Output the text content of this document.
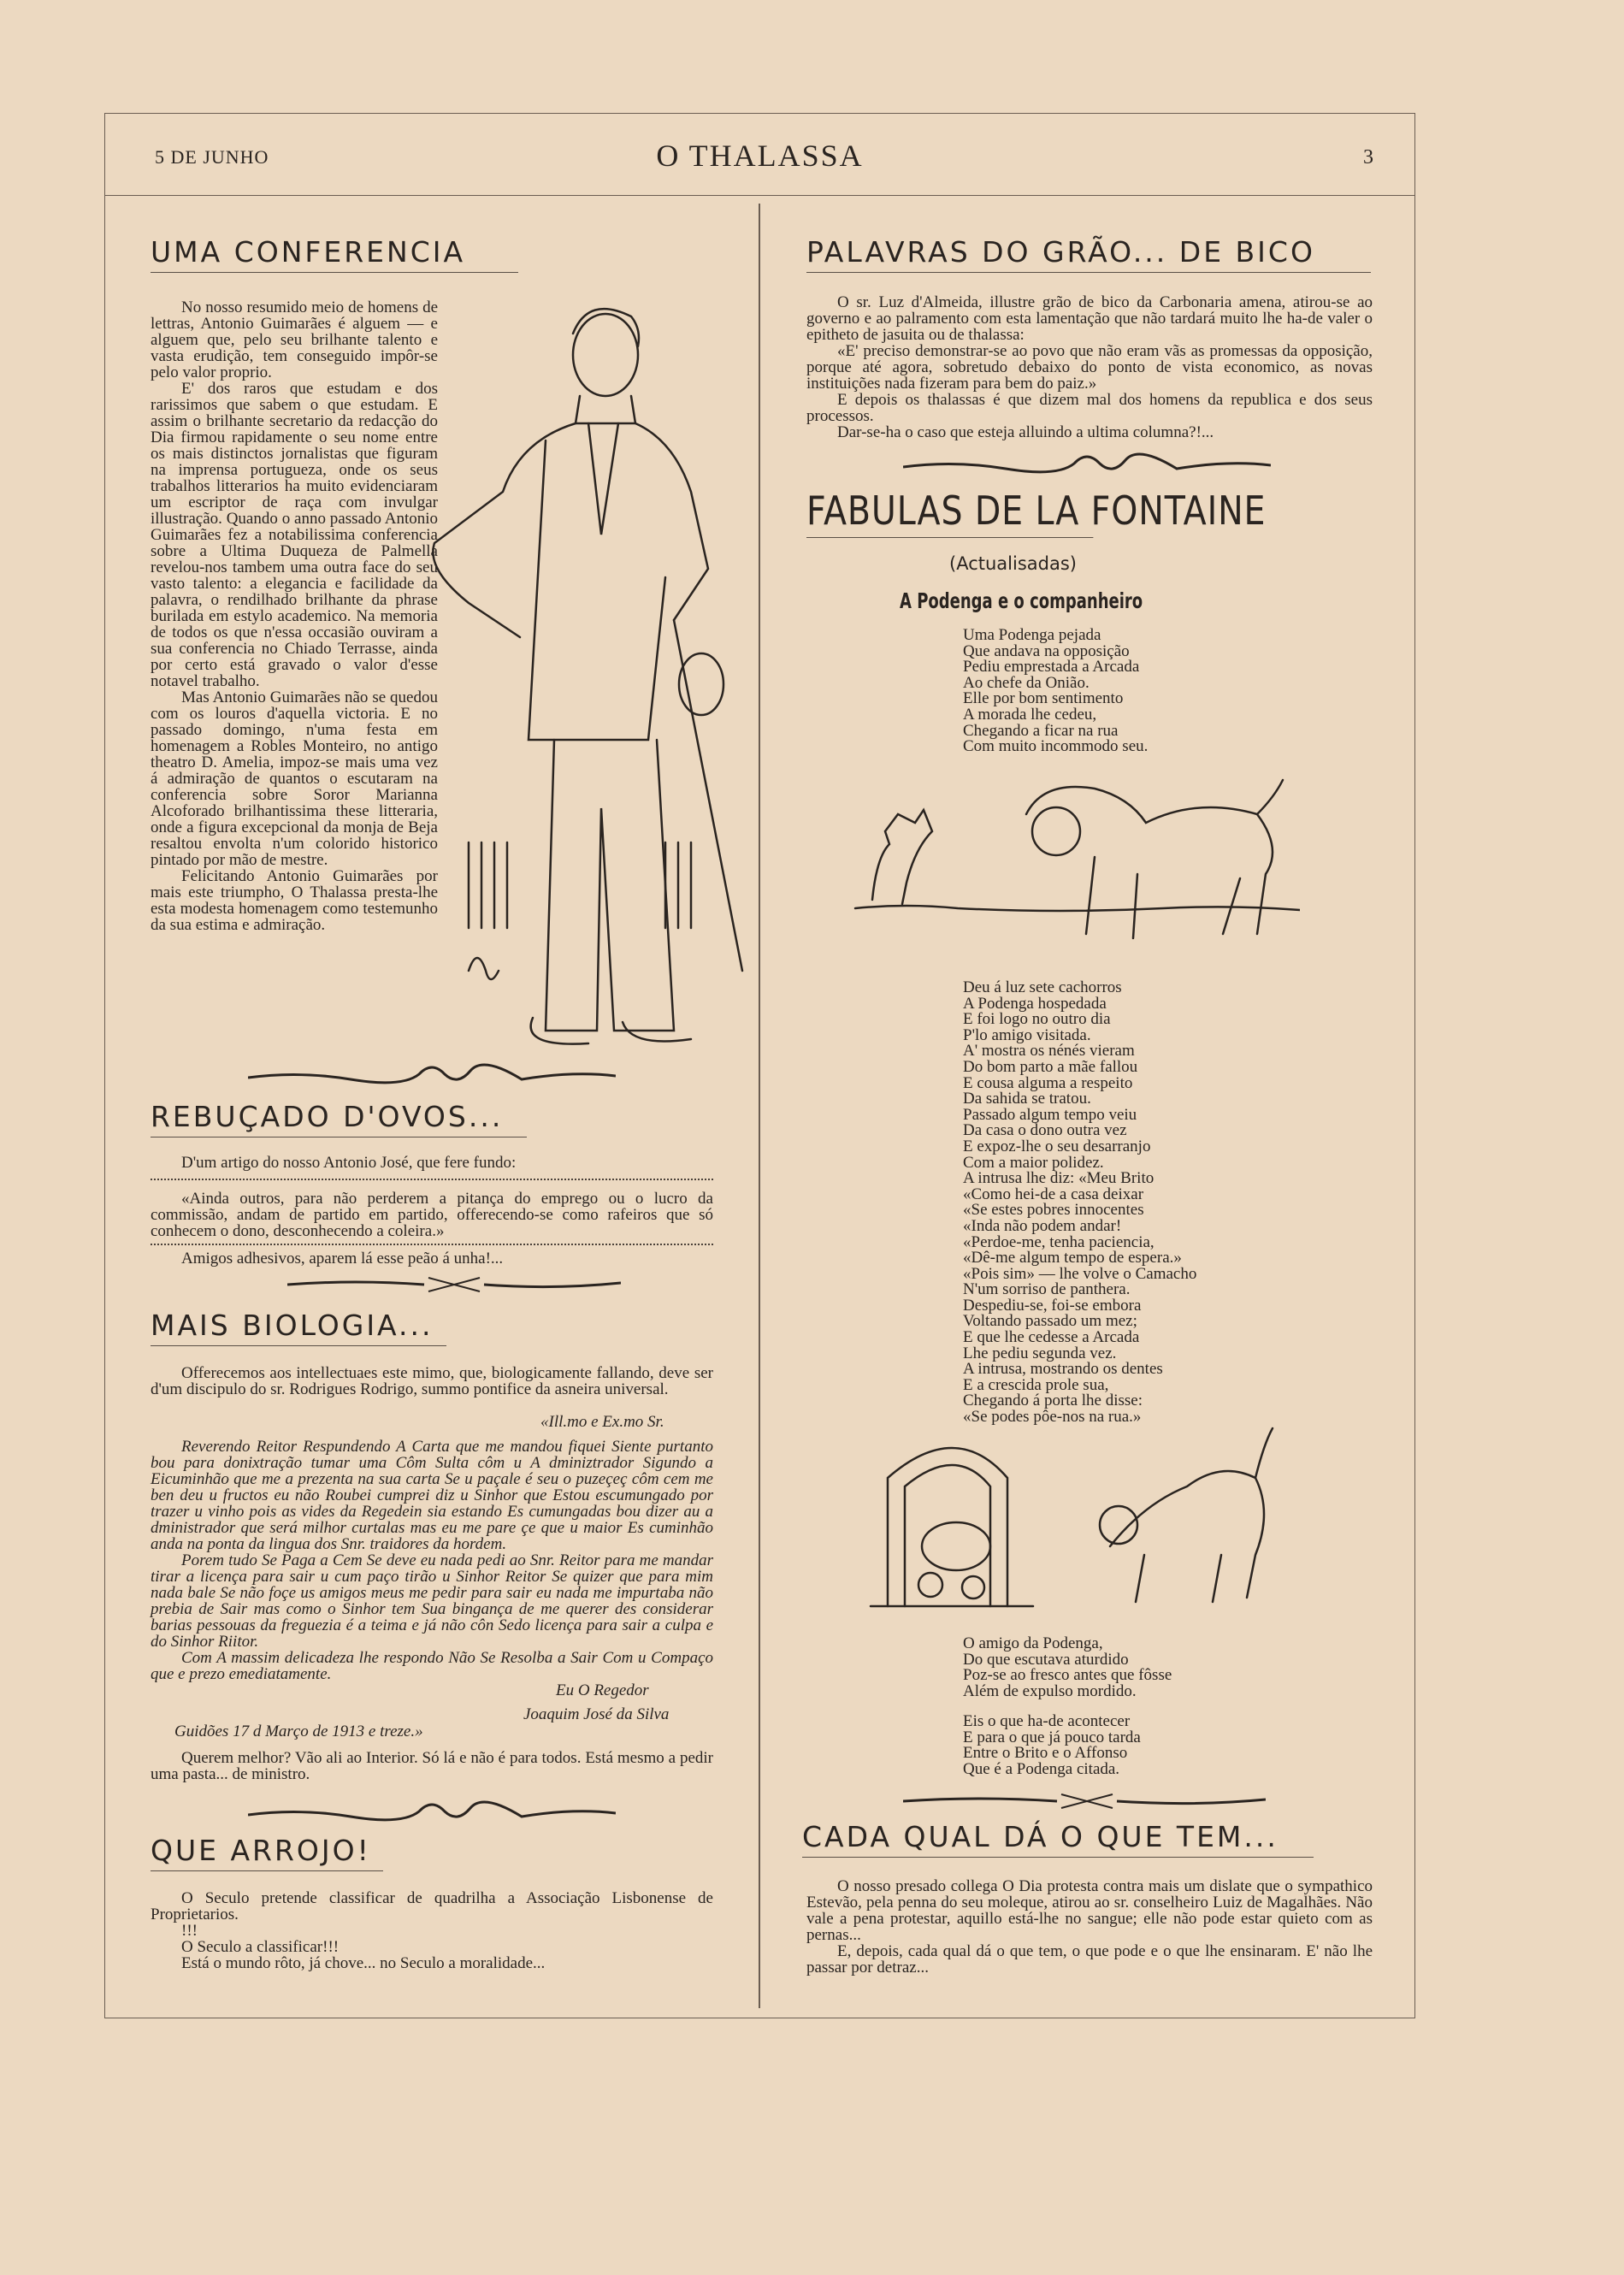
5 DE JUNHO	O THALASSA	3
UMA CONFERENCIA

No nosso resumido meio de homens de lettras, Antonio Guimarães é alguem — e alguem que, pelo seu brilhante talento e vasta erudição, tem conseguido impôr-se pelo valor proprio.

E' dos raros que estudam e dos rarissimos que sabem o que estudam. E assim o brilhante secretario da redacção do Dia firmou rapidamente o seu nome entre os mais distinctos jornalistas que figuram na imprensa portugueza, onde os seus trabalhos litterarios ha muito evidenciaram um escriptor de raça com invulgar illustração. Quando o anno passado Antonio Guimarães fez a notabilissima conferencia sobre a Ultima Duqueza de Palmella revelou-nos tambem uma outra face do seu vasto talento: a elegancia e facilidade da palavra, o rendilhado brilhante da phrase burilada em estylo academico. Na memoria de todos os que n'essa occasião ouviram a sua conferencia no Chiado Terrasse, ainda por certo está gravado o valor d'esse notavel trabalho.

Mas Antonio Guimarães não se quedou com os louros d'aquella victoria. E no passado domingo, n'uma festa em homenagem a Robles Monteiro, no antigo theatro D. Amelia, impoz-se mais uma vez á admiração de quantos o escutaram na conferencia sobre Soror Marianna Alcoforado brilhantissima these litteraria, onde a figura excepcional da monja de Beja resaltou envolta n'um colorido historico pintado por mão de mestre.

Felicitando Antonio Guimarães por mais este triumpho, O Thalassa presta-lhe esta modesta homenagem como testemunho da sua estima e admiração.

REBUÇADO D'OVOS...

D'um artigo do nosso Antonio José, que fere fundo:

«Ainda outros, para não perderem a pitança do emprego ou o lucro da commissão, andam de partido em partido, offerecendo-se como rafeiros que só conhecem o dono, desconhecendo a coleira.»

Amigos adhesivos, aparem lá esse peão á unha!...

MAIS BIOLOGIA...

Offerecemos aos intellectuaes este mimo, que, biologicamente fallando, deve ser d'um discipulo do sr. Rodrigues Rodrigo, summo pontifice da asneira universal.

«Ill.mo e Ex.mo Sr.

Reverendo Reitor Respundendo A Carta que me mandou fiquei Siente purtanto bou para donixtração tumar uma Côm Sulta côm u A dminiztrador Sigundo a Eicuminhão que me a prezenta na sua carta Se u paçale é seu o puzeçeç côm cem me ben deu u fructos eu não Roubei cumprei diz u Sinhor que Estou escumungado por trazer u vinho pois as vides da Regedein sia estando Es cumungadas bou dizer au a dministrador que será milhor curtalas mas eu me pare çe que u maior Es cuminhão anda na ponta da lingua dos Snr. traidores da hordem.

Porem tudo Se Paga a Cem Se deve eu nada pedi ao Snr. Reitor para me mandar tirar a licença para sair u cum paço tirão u Sinhor Reitor Se quizer que para mim nada bale Se não foçe us amigos meus me pedir para sair eu nada me impurtaba não prebia de Sair mas como o Sinhor tem Sua bingança de me querer des considerar barias pessouas da freguezia é a teima e já não côn Sedo licença para sair a culpa e do Sinhor Riitor.

Com A massim delicadeza lhe respondo Não Se Resolba a Sair Com u Compaço que e prezo emediatamente.

Eu O Regedor
Joaquim José da Silva
Guidões 17 d Março de 1913 e treze.»

Querem melhor? Vão ali ao Interior. Só lá e não é para todos. Está mesmo a pedir uma pasta... de ministro.

QUE ARROJO!

O Seculo pretende classificar de quadrilha a Associação Lisbonense de Proprietarios.

!!!

O Seculo a classificar!!!

Está o mundo rôto, já chove... no Seculo a moralidade...

PALAVRAS DO GRÃO... DE BICO

O sr. Luz d'Almeida, illustre grão de bico da Carbonaria amena, atirou-se ao governo e ao palramento com esta lamentação que não tardará muito lhe ha-de valer o epitheto de jasuita ou de thalassa:

«E' preciso demonstrar-se ao povo que não eram vãs as promessas da opposição, porque até agora, sobretudo debaixo do ponto de vista economico, as novas instituições nada fizeram para bem do paiz.»

E depois os thalassas é que dizem mal dos homens da republica e dos seus processos.

Dar-se-ha o caso que esteja alluindo a ultima columna?!...

FABULAS DE LA FONTAINE
(Actualisadas)
A Podenga e o companheiro
Uma Podenga pejada
Que andava na opposição
Pediu emprestada a Arcada
Ao chefe da Onião.
Elle por bom sentimento
A morada lhe cedeu,
Chegando a ficar na rua
Com muito incommodo seu.
Deu á luz sete cachorros
A Podenga hospedada
E foi logo no outro dia
P'lo amigo visitada.
A' mostra os nénés vieram
Do bom parto a mãe fallou
E cousa alguma a respeito
Da sahida se tratou.
Passado algum tempo veiu
Da casa o dono outra vez
E expoz-lhe o seu desarranjo
Com a maior polidez.
A intrusa lhe diz: «Meu Brito
«Como hei-de a casa deixar
«Se estes pobres innocentes
«Inda não podem andar!
«Perdoe-me, tenha paciencia,
«Dê-me algum tempo de espera.»
«Pois sim» — lhe volve o Camacho
N'um sorriso de panthera.
Despediu-se, foi-se embora
Voltando passado um mez;
E que lhe cedesse a Arcada
Lhe pediu segunda vez.
A intrusa, mostrando os dentes
E a crescida prole sua,
Chegando á porta lhe disse:
«Se podes pôe-nos na rua.»
O amigo da Podenga,
Do que escutava aturdido
Poz-se ao fresco antes que fôsse
Além de expulso mordido.
Eis o que ha-de acontecer
E para o que já pouco tarda
Entre o Brito e o Affonso
Que é a Podenga citada.
CADA QUAL DÁ O QUE TEM...

O nosso presado collega O Dia protesta contra mais um dislate que o sympathico Estevão, pela penna do seu moleque, atirou ao sr. conselheiro Luiz de Magalhães. Não vale a pena protestar, aquillo está-lhe no sangue; elle não pode estar quieto com as pernas...

E, depois, cada qual dá o que tem, o que pode e o que lhe ensinaram. E' não lhe passar por detraz...
